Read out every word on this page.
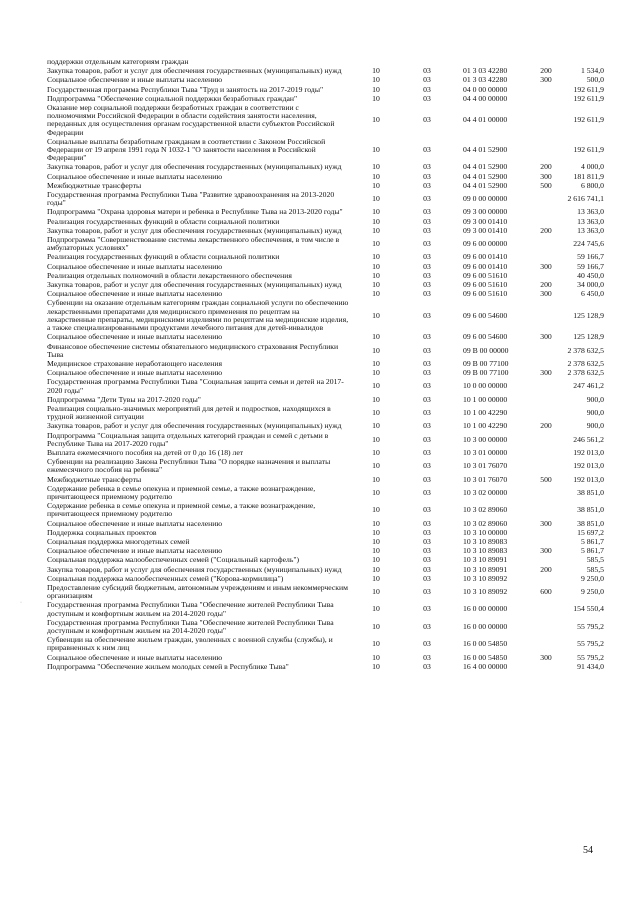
поддержки отдельным категориям граждан					
Закупка товаров, работ и услуг для обеспечения государственных (муниципальных) нужд	10	03	01 3 03 42280	200	1 534,0
Социальное обеспечение и иные выплаты населению	10	03	01 3 03 42280	300	500,0
Государственная программа Республики Тыва "Труд и занятость на 2017-2019 годы"	10	03	04 0 00 00000		192 611,9
Подпрограмма "Обеспечение социальной поддержки безработных граждан"	10	03	04 4 00 00000		192 611,9
Оказание мер социальной поддержки безработных граждан в соответствии с полномочиями Российской Федерации в области содействия занятости населения, переданных для осуществления органам государственной власти субъектов Российской Федерации	10	03	04 4 01 00000		192 611,9
Социальные выплаты безработным гражданам в соответствии с Законом Российской Федерации от 19 апреля 1991 года N 1032-1 "О занятости населения в Российской Федерации"	10	03	04 4 01 52900		192 611,9
Закупка товаров, работ и услуг для обеспечения государственных (муниципальных) нужд	10	03	04 4 01 52900	200	4 000,0
Социальное обеспечение и иные выплаты населению	10	03	04 4 01 52900	300	181 811,9
Межбюджетные трансферты	10	03	04 4 01 52900	500	6 800,0
Государственная программа Республики Тыва "Развитие здравоохранения на 2013-2020 годы"	10	03	09 0 00 00000		2 616 741,1
Подпрограмма "Охрана здоровья матери и ребенка в Республике Тыва на 2013-2020 годы"	10	03	09 3 00 00000		13 363,0
Реализация государственных функций в области социальной политики	10	03	09 3 00 01410		13 363,0
Закупка товаров, работ и услуг для обеспечения государственных (муниципальных) нужд	10	03	09 3 00 01410	200	13 363,0
Подпрограмма "Совершенствование системы лекарственного обеспечения, в том числе в амбулаторных условиях"	10	03	09 6 00 00000		224 745,6
Реализация государственных функций в области социальной политики	10	03	09 6 00 01410		59 166,7
Социальное обеспечение и иные выплаты населению	10	03	09 6 00 01410	300	59 166,7
Реализация отдельных полномочий в области лекарственного обеспечения	10	03	09 6 00 51610		40 450,0
Закупка товаров, работ и услуг для обеспечения государственных (муниципальных) нужд	10	03	09 6 00 51610	200	34 000,0
Социальное обеспечение и иные выплаты населению	10	03	09 6 00 51610	300	6 450,0
Субвенции на оказание отдельным категориям граждан социальной услуги по обеспечению лекарственными препаратами для медицинского применения по рецептам на лекарственные препараты, медицинскими изделиями по рецептам на медицинские изделия, а также специализированными продуктами лечебного питания для детей-инвалидов	10	03	09 6 00 54600		125 128,9
Социальное обеспечение и иные выплаты населению	10	03	09 6 00 54600	300	125 128,9
Финансовое обеспечение системы обязательного медицинского страхования Республики Тыва	10	03	09 В 00 00000		2 378 632,5
Медицинское страхование неработающего населения	10	03	09 В 00 77100		2 378 632,5
Социальное обеспечение и иные выплаты населению	10	03	09 В 00 77100	300	2 378 632,5
Государственная программа Республики Тыва "Социальная защита семьи и детей на 2017-2020 годы"	10	03	10 0 00 00000		247 461,2
Подпрограмма "Дети Тувы на 2017-2020 годы"	10	03	10 1 00 00000		900,0
Реализация социально-значимых мероприятий для детей и подростков, находящихся в трудной жизненной ситуации	10	03	10 1 00 42290		900,0
Закупка товаров, работ и услуг для обеспечения государственных (муниципальных) нужд	10	03	10 1 00 42290	200	900,0
Подпрограмма "Социальная защита отдельных категорий граждан и семей с детьми в Республике Тыва на 2017-2020 годы"	10	03	10 3 00 00000		246 561,2
Выплата ежемесячного пособия на детей от 0 до 16 (18) лет	10	03	10 3 01 00000		192 013,0
Субвенции на реализацию Закона Республики Тыва "О порядке назначения и выплаты ежемесячного пособия на ребенка"	10	03	10 3 01 76070		192 013,0
Межбюджетные трансферты	10	03	10 3 01 76070	500	192 013,0
Содержание ребенка в семье опекуна и приемной семье, а также вознаграждение, причитающееся приемному родителю	10	03	10 3 02 00000		38 851,0
Содержание ребенка в семье опекуна и приемной семье, а также вознаграждение, причитающееся приемному родителю	10	03	10 3 02 89060		38 851,0
Социальное обеспечение и иные выплаты населению	10	03	10 3 02 89060	300	38 851,0
Поддержка социальных проектов	10	03	10 3 10 00000		15 697,2
Социальная поддержка многодетных семей	10	03	10 3 10 89083		5 861,7
Социальное обеспечение и иные выплаты населению	10	03	10 3 10 89083	300	5 861,7
Социальная поддержка малообеспеченных семей ("Социальный картофель")	10	03	10 3 10 89091		585,5
Закупка товаров, работ и услуг для обеспечения государственных (муниципальных) нужд	10	03	10 3 10 89091	200	585,5
Социальная поддержка малообеспеченных семей ("Корова-кормилица")	10	03	10 3 10 89092		9 250,0
Предоставление субсидий бюджетным, автономным учреждениям и иным некоммерческим организациям	10	03	10 3 10 89092	600	9 250,0
Государственная программа Республики Тыва "Обеспечение жителей Республики Тыва доступным и комфортным жильем на 2014-2020 годы"	10	03	16 0 00 00000		154 550,4
Государственная программа Республики Тыва "Обеспечение жителей Республики Тыва доступным и комфортным жильем на 2014-2020 годы"	10	03	16 0 00 00000		55 795,2
Субвенции на обеспечение жильем граждан, уволенных с военной службы (службы), и приравненных к ним лиц	10	03	16 0 00 54850		55 795,2
Социальное обеспечение и иные выплаты населению	10	03	16 0 00 54850	300	55 795,2
Подпрограмма "Обеспечение жильем молодых семей в Республике Тыва"	10	03	16 4 00 00000		91 434,0
54
·
